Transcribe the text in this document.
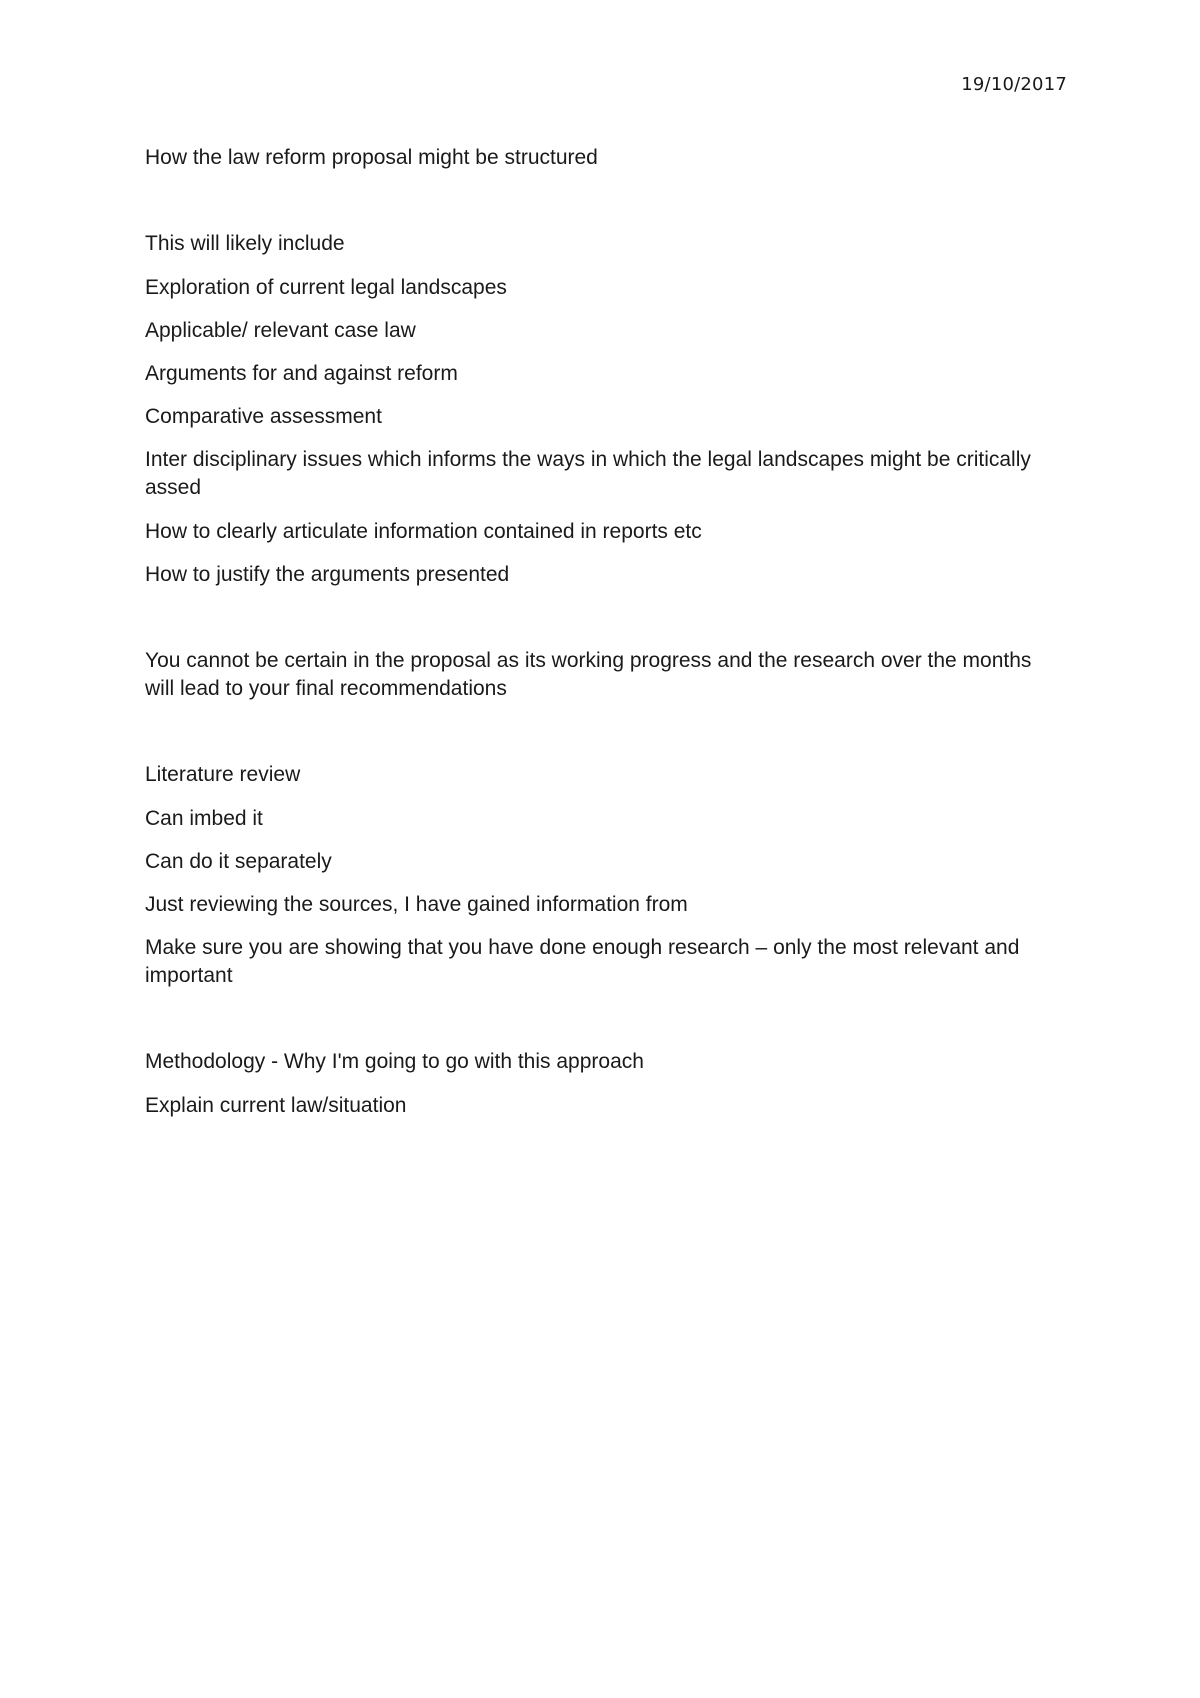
19/10/2017
How the law reform proposal might be structured
This will likely include
Exploration of current legal landscapes
Applicable/ relevant case law
Arguments for and against reform
Comparative assessment
Inter disciplinary issues which informs the ways in which the legal landscapes might be critically assed
How to clearly articulate information contained in reports etc
How to justify the arguments presented
You cannot be certain in the proposal as its working progress and the research over the months will lead to your final recommendations
Literature review
Can imbed it
Can do it separately
Just reviewing the sources, I have gained information from
Make sure you are showing that you have done enough research – only the most relevant and important
Methodology - Why I'm going to go with this approach
Explain current law/situation
